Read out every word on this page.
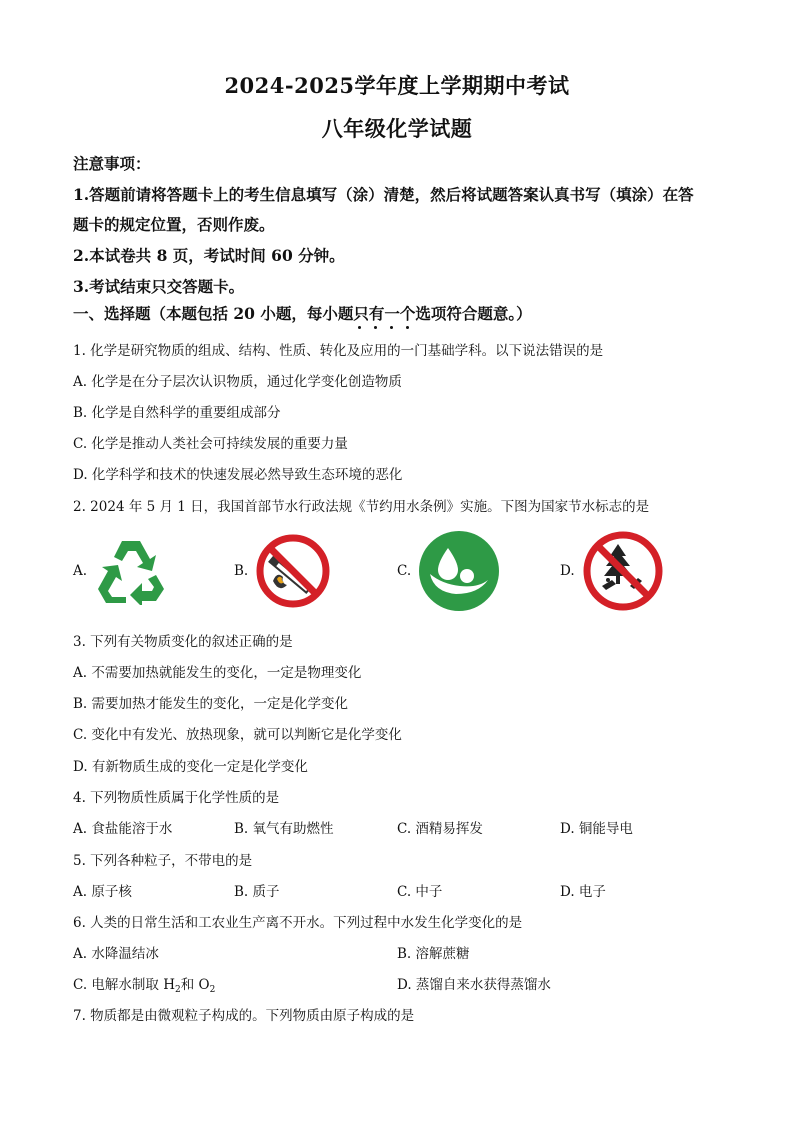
2024-2025学年度上学期期中考试
八年级化学试题
注意事项：
1.答题前请将答题卡上的考生信息填写（涂）清楚，然后将试题答案认真书写（填涂）在答
题卡的规定位置，否则作废。
2.本试卷共 8 页，考试时间 60 分钟。
3.考试结束只交答题卡。
一、选择题（本题包括 20 小题，每小题只有一个
选项符合题意。）
1. 化学是研究物质的组成、结构、性质、转化及应用的一门基础学科。以下说法错误的是
A. 化学是在分子层次认识物质，通过化学变化创造物质
B. 化学是自然科学的重要组成部分
C. 化学是推动人类社会可持续发展的重要力量
D. 化学科学和技术的快速发展必然导致生态环境的恶化
2. 2024 年 5 月 1 日，我国首部节水行政法规《节约用水条例》实施。下图为国家节水标志的是
A.	B.	C.	D.
3. 下列有关物质变化的叙述正确的是
A. 不需要加热就能发生的变化，一定是物理变化
B. 需要加热才能发生的变化，一定是化学变化
C. 变化中有发光、放热现象，就可以判断它是化学变化
D. 有新物质生成的变化一定是化学变化
4. 下列物质性质属于化学性质的是
A. 食盐能溶于水	B. 氧气有助燃性	C. 酒精易挥发	D. 铜能导电
5. 下列各种粒子，不带电的是
A. 原子核	B. 质子	C. 中子	D. 电子
6. 人类的日常生活和工农业生产离不开水。下列过程中水发生化学变化的是
A. 水降温结冰	B. 溶解蔗糖
C. 电解水制取 $H_2$和 $O_2$	D. 蒸馏自来水获得蒸馏水
7. 物质都是由微观粒子构成的。下列物质由原子构成的是
